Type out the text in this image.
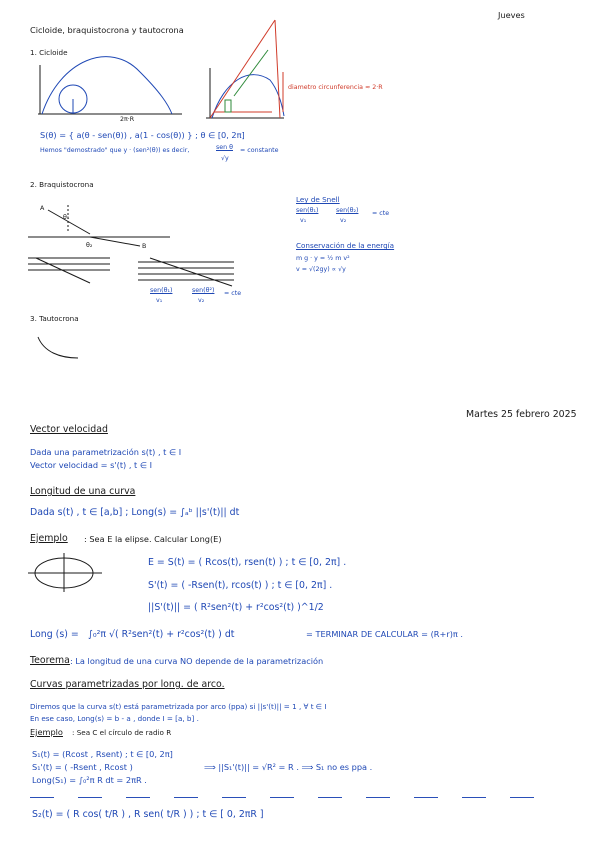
Jueves
Cicloide, braquistocrona y tautocrona
1. Cicloide
2π·R
diametro circunferencia ≈ 2·R
S(θ) = { a(θ - sen(θ)) , a(1 - cos(θ)) } ; θ ∈ [0, 2π]
Hemos "demostrado" que y · (sen²(θ)) es decir,	sen θ
√y
= constante
2. Braquistocrona
A
θ₁
θ₂	B
Ley de Snell
sen(θ₁)
v₁
sen(θ₂)
v₂
= cte
Conservación de la energía
m g · y = ½ m v²
v = √(2gy) ∝ √y
sen(θ₁)
v₁
sen(θ²)
v₂
= cte
3. Tautocrona
Martes 25 febrero 2025
Vector velocidad
Dada una parametrización s(t) , t ∈ I
Vector velocidad = s'(t) , t ∈ I
Longitud de una curva
Dada s(t) , t ∈ [a,b] ; Long(s) = ∫ₐᵇ ||s'(t)|| dt
Ejemplo : Sea E la elipse. Calcular Long(E)
E = S(t) = ( Rcos(t), rsen(t) ) ; t ∈ [0, 2π] .
S'(t) = ( -Rsen(t), rcos(t) ) ; t ∈ [0, 2π] .
||S'(t)|| = ( R²sen²(t) + r²cos²(t) )^1/2
Long (s) = ∫₀²π √( R²sen²(t) + r²cos²(t) ) dt	= TERMINAR DE CALCULAR = (R+r)π .
Teorema : La longitud de una curva NO depende de la parametrización
Curvas parametrizadas por long. de arco.
Diremos que la curva s(t) está parametrizada por arco (ppa) si ||s'(t)|| = 1 , ∀ t ∈ I
En ese caso, Long(s) = b - a , donde I = [a, b] .
Ejemplo : Sea C el círculo de radio R
S₁(t) = (Rcost , Rsent) ; t ∈ [0, 2π]
S₁'(t) = ( -Rsent , Rcost )	⟹ ||S₁'(t)|| = √R² = R . ⟹ S₁ no es ppa .
Long(S₁) = ∫₀²π R dt = 2πR .
S₂(t) = ( R cos( t/R ) , R sen( t/R ) ) ; t ∈ [ 0, 2πR ]
